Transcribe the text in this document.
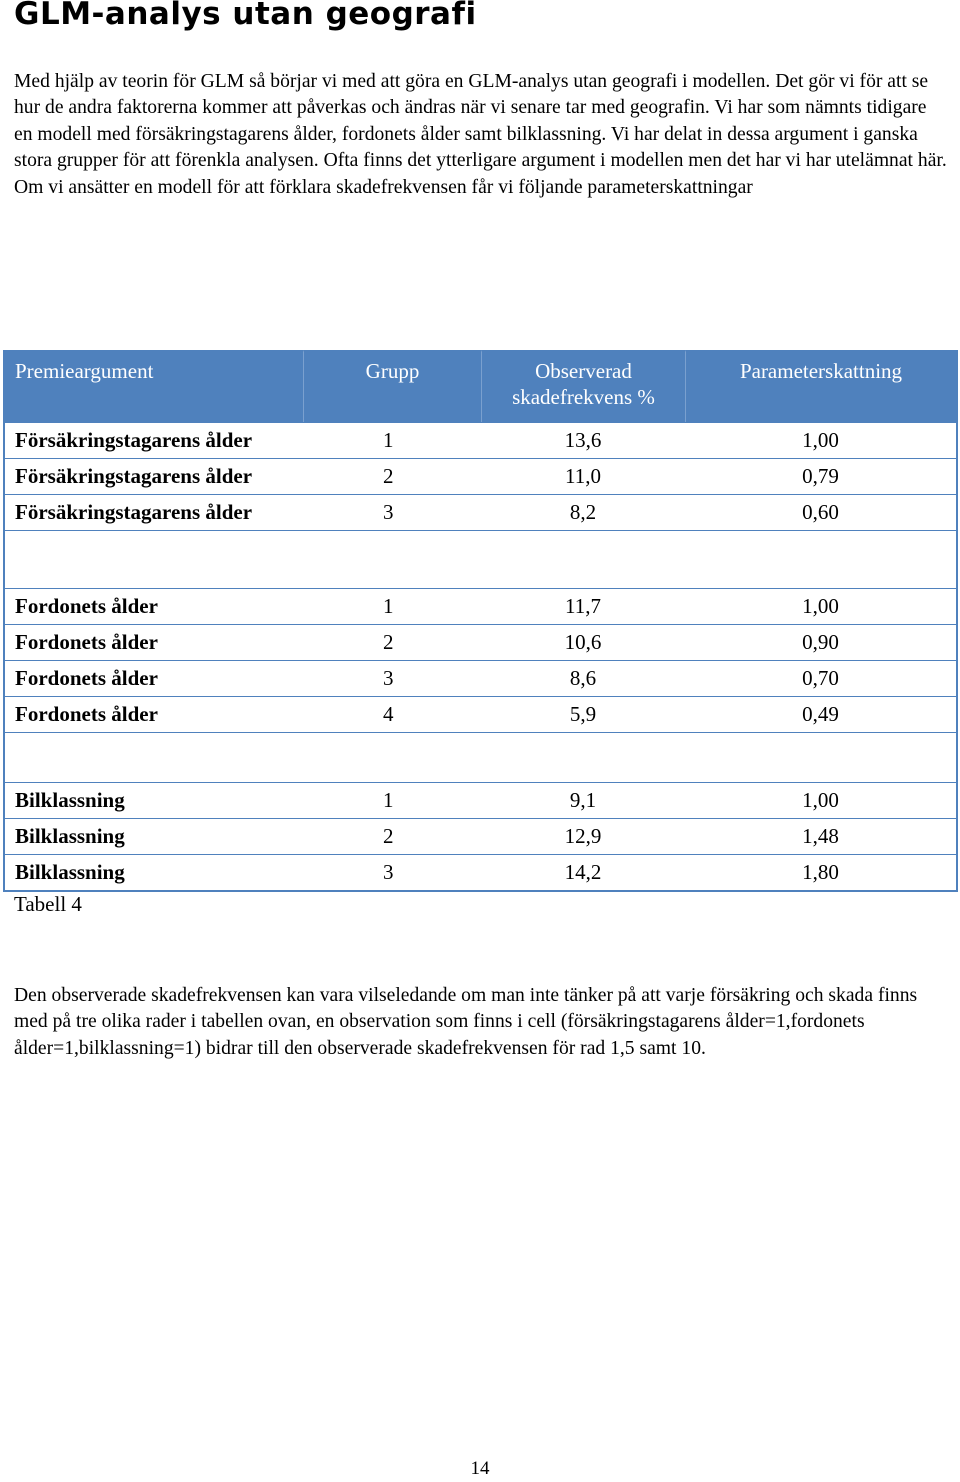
GLM-analys utan geografi

Med hjälp av teorin för GLM så börjar vi med att göra en GLM-analys utan geografi i modellen. Det gör vi för att se hur de andra faktorerna kommer att påverkas och ändras när vi senare tar med geografin. Vi har som nämnts tidigare en modell med försäkringstagarens ålder, fordonets ålder samt bilklassning. Vi har delat in dessa argument i ganska stora grupper för att förenkla analysen. Ofta finns det ytterligare argument i modellen men det har vi har utelämnat här. Om vi ansätter en modell för att förklara skadefrekvensen får vi följande parameterskattningar

Premieargument	Grupp	Observerad skadefrekvens %	Parameterskattning
Försäkringstagarens ålder	1	13,6	1,00
Försäkringstagarens ålder	2	11,0	0,79
Försäkringstagarens ålder	3	8,2	0,60

Fordonets ålder	1	11,7	1,00
Fordonets ålder	2	10,6	0,90
Fordonets ålder	3	8,6	0,70
Fordonets ålder	4	5,9	0,49

Bilklassning	1	9,1	1,00
Bilklassning	2	12,9	1,48
Bilklassning	3	14,2	1,80

Tabell 4

Den observerade skadefrekvensen kan vara vilseledande om man inte tänker på att varje försäkring och skada finns med på tre olika rader i tabellen ovan, en observation som finns i cell (försäkringstagarens ålder=1,fordonets ålder=1,bilklassning=1) bidrar till den observerade skadefrekvensen för rad 1,5 samt 10.

14
